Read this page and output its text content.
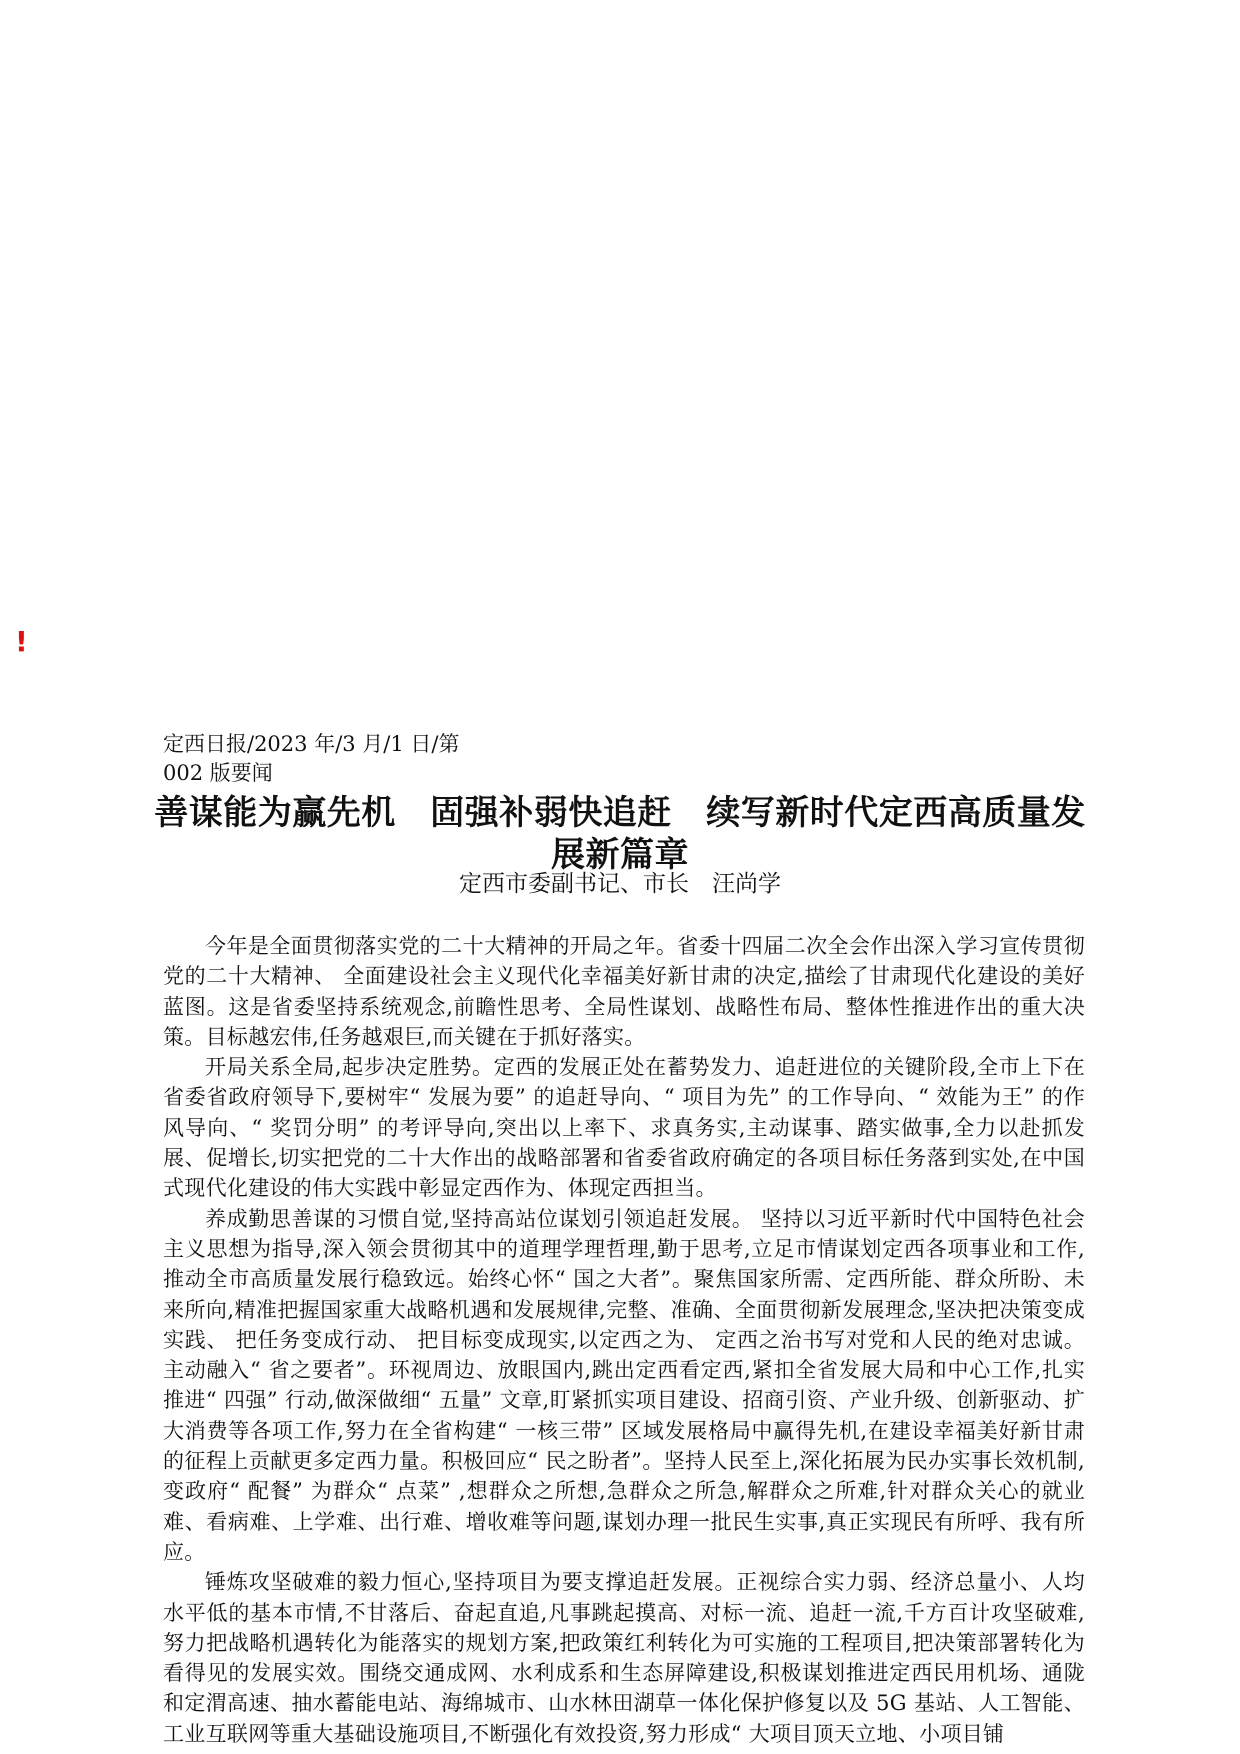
!
定西日报/2023 年/3 月/1 日/第 002 版要闻
善谋能为赢先机　固强补弱快追赶　续写新时代定西高质量发展新篇章
定西市委副书记、市长　汪尚学

今年是全面贯彻落实党的二十大精神的开局之年。省委十四届二次全会作出深入学习宣传贯彻党的二十大精神、 全面建设社会主义现代化幸福美好新甘肃的决定,描绘了甘肃现代化建设的美好蓝图。这是省委坚持系统观念,前瞻性思考、全局性谋划、战略性布局、整体性推进作出的重大决策。目标越宏伟,任务越艰巨,而关键在于抓好落实。

开局关系全局,起步决定胜势。定西的发展正处在蓄势发力、追赶进位的关键阶段,全市上下在省委省政府领导下,要树牢“ 发展为要” 的追赶导向、“ 项目为先” 的工作导向、“ 效能为王” 的作风导向、“ 奖罚分明” 的考评导向,突出以上率下、求真务实,主动谋事、踏实做事,全力以赴抓发展、促增长,切实把党的二十大作出的战略部署和省委省政府确定的各项目标任务落到实处,在中国式现代化建设的伟大实践中彰显定西作为、体现定西担当。

养成勤思善谋的习惯自觉,坚持高站位谋划引领追赶发展。 坚持以习近平新时代中国特色社会主义思想为指导,深入领会贯彻其中的道理学理哲理,勤于思考,立足市情谋划定西各项事业和工作,推动全市高质量发展行稳致远。始终心怀“ 国之大者”。聚焦国家所需、定西所能、群众所盼、未来所向,精准把握国家重大战略机遇和发展规律,完整、准确、全面贯彻新发展理念,坚决把决策变成实践、 把任务变成行动、 把目标变成现实,以定西之为、 定西之治书写对党和人民的绝对忠诚。主动融入“ 省之要者”。环视周边、放眼国内,跳出定西看定西,紧扣全省发展大局和中心工作,扎实推进“ 四强” 行动,做深做细“ 五量” 文章,盯紧抓实项目建设、招商引资、产业升级、创新驱动、扩大消费等各项工作,努力在全省构建“ 一核三带” 区域发展格局中赢得先机,在建设幸福美好新甘肃的征程上贡献更多定西力量。积极回应“ 民之盼者”。坚持人民至上,深化拓展为民办实事长效机制,变政府“ 配餐” 为群众“ 点菜” ,想群众之所想,急群众之所急,解群众之所难,针对群众关心的就业难、看病难、上学难、出行难、增收难等问题,谋划办理一批民生实事,真正实现民有所呼、我有所应。

锤炼攻坚破难的毅力恒心,坚持项目为要支撑追赶发展。正视综合实力弱、经济总量小、人均水平低的基本市情,不甘落后、奋起直追,凡事跳起摸高、对标一流、追赶一流,千方百计攻坚破难,努力把战略机遇转化为能落实的规划方案,把政策红利转化为可实施的工程项目,把决策部署转化为看得见的发展实效。围绕交通成网、水利成系和生态屏障建设,积极谋划推进定西民用机场、通陇和定渭高速、抽水蓄能电站、海绵城市、山水林田湖草一体化保护修复以及 5G 基站、人工智能、工业互联网等重大基础设施项目,不断强化有效投资,努力形成“ 大项目顶天立地、小项目铺
